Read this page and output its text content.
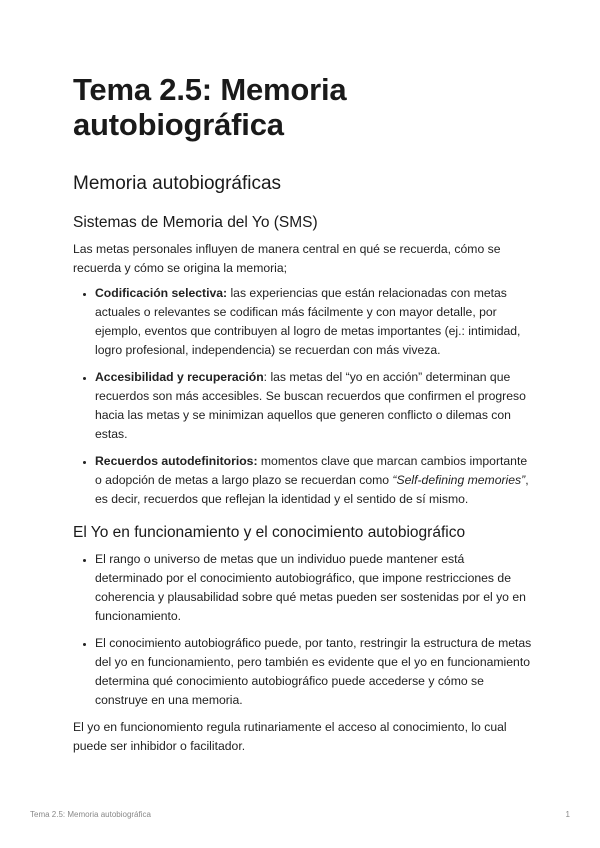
Tema 2.5: Memoria autobiográfica
Memoria autobiográficas
Sistemas de Memoria del Yo (SMS)

Las metas personales influyen de manera central en qué se recuerda, cómo se recuerda y cómo se origina la memoria;

• Codificación selectiva: las experiencias que están relacionadas con metas actuales o relevantes se codifican más fácilmente y con mayor detalle, por ejemplo, eventos que contribuyen al logro de metas importantes (ej.: intimidad, logro profesional, independencia) se recuerdan con más viveza.
• Accesibilidad y recuperación: las metas del “yo en acción” determinan que recuerdos son más accesibles. Se buscan recuerdos que confirmen el progreso hacia las metas y se minimizan aquellos que generen conflicto o dilemas con estas.
• Recuerdos autodefinitorios: momentos clave que marcan cambios importante o adopción de metas a largo plazo se recuerdan como “Self-defining memories”, es decir, recuerdos que reflejan la identidad y el sentido de sí mismo.
El Yo en funcionamiento y el conocimiento autobiográfico
• El rango o universo de metas que un individuo puede mantener está determinado por el conocimiento autobiográfico, que impone restricciones de coherencia y plausabilidad sobre qué metas pueden ser sostenidas por el yo en funcionamiento.
• El conocimiento autobiográfico puede, por tanto, restringir la estructura de metas del yo en funcionamiento, pero también es evidente que el yo en funcionamiento determina qué conocimiento autobiográfico puede accederse y cómo se construye en una memoria.

El yo en funcionomiento regula rutinariamente el acceso al conocimiento, lo cual puede ser inhibidor o facilitador.

Tema 2.5: Memoria autobiográfica	1
